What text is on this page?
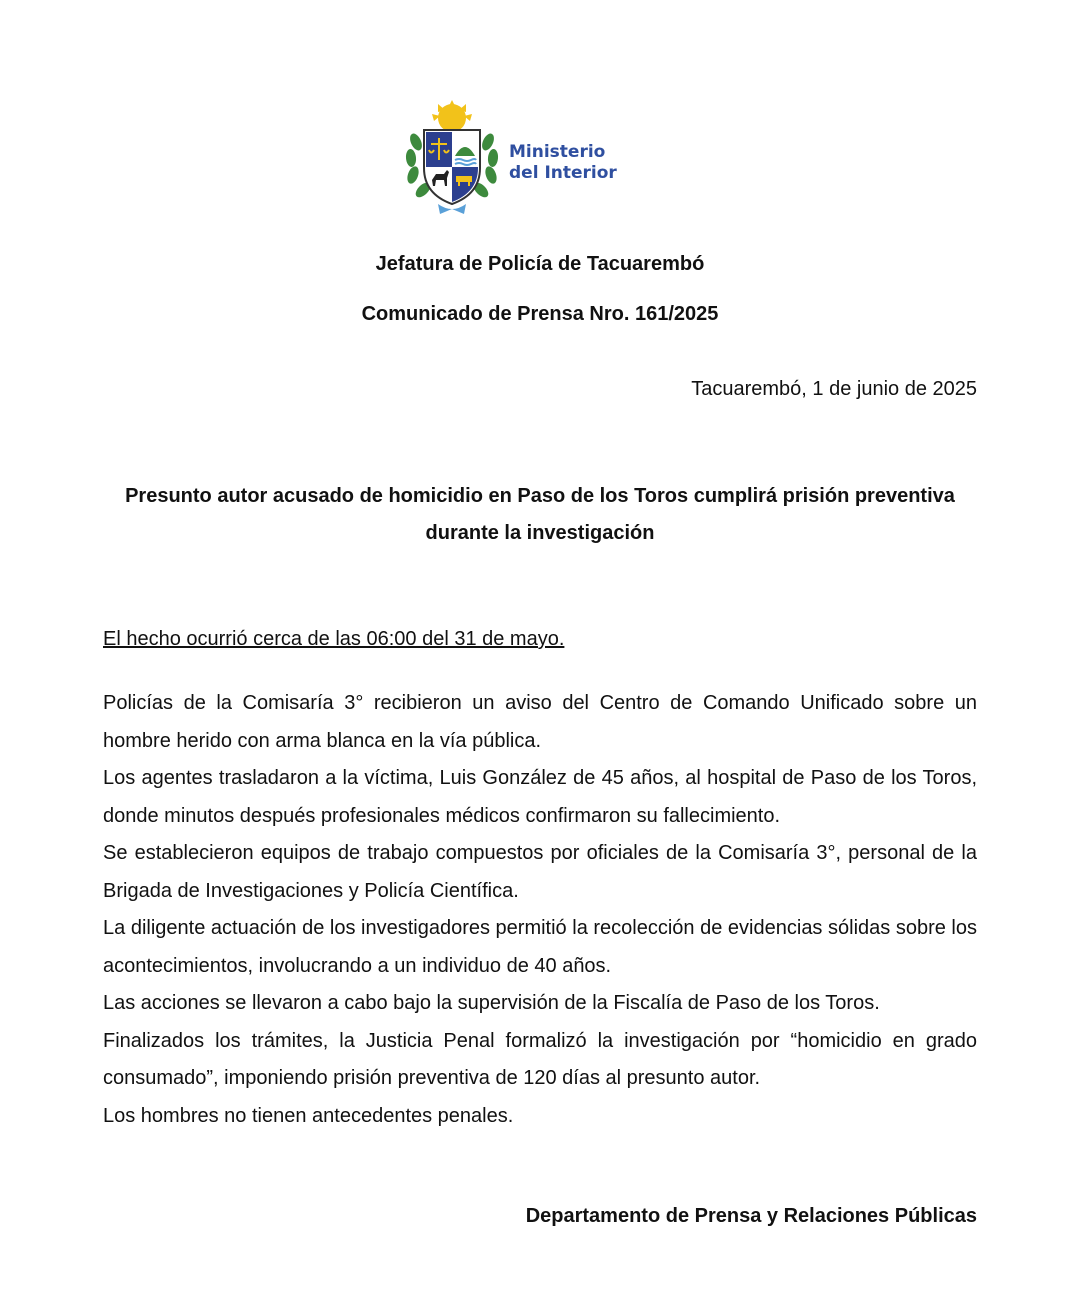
Ministerio
del Interior
Jefatura de Policía de Tacuarembó
Comunicado de Prensa Nro. 161/2025
Tacuarembó, 1 de junio de 2025
Presunto autor acusado de homicidio en Paso de los Toros cumplirá prisión preventiva durante la investigación
El hecho ocurrió cerca de las 06:00 del 31 de mayo.

Policías de la Comisaría 3° recibieron un aviso del Centro de Comando Unificado sobre un hombre herido con arma blanca en la vía pública.

Los agentes trasladaron a la víctima, Luis González de 45 años, al hospital de Paso de los Toros, donde minutos después profesionales médicos confirmaron su fallecimiento.

Se establecieron equipos de trabajo compuestos por oficiales de la Comisaría 3°, personal de la Brigada de Investigaciones y Policía Científica.

La diligente actuación de los investigadores permitió la recolección de evidencias sólidas sobre los acontecimientos, involucrando a un individuo de 40 años.

Las acciones se llevaron a cabo bajo la supervisión de la Fiscalía de Paso de los Toros.

Finalizados los trámites, la Justicia Penal formalizó la investigación por “homicidio en grado consumado”, imponiendo prisión preventiva de 120 días al presunto autor.

Los hombres no tienen antecedentes penales.

Departamento de Prensa y Relaciones Públicas
